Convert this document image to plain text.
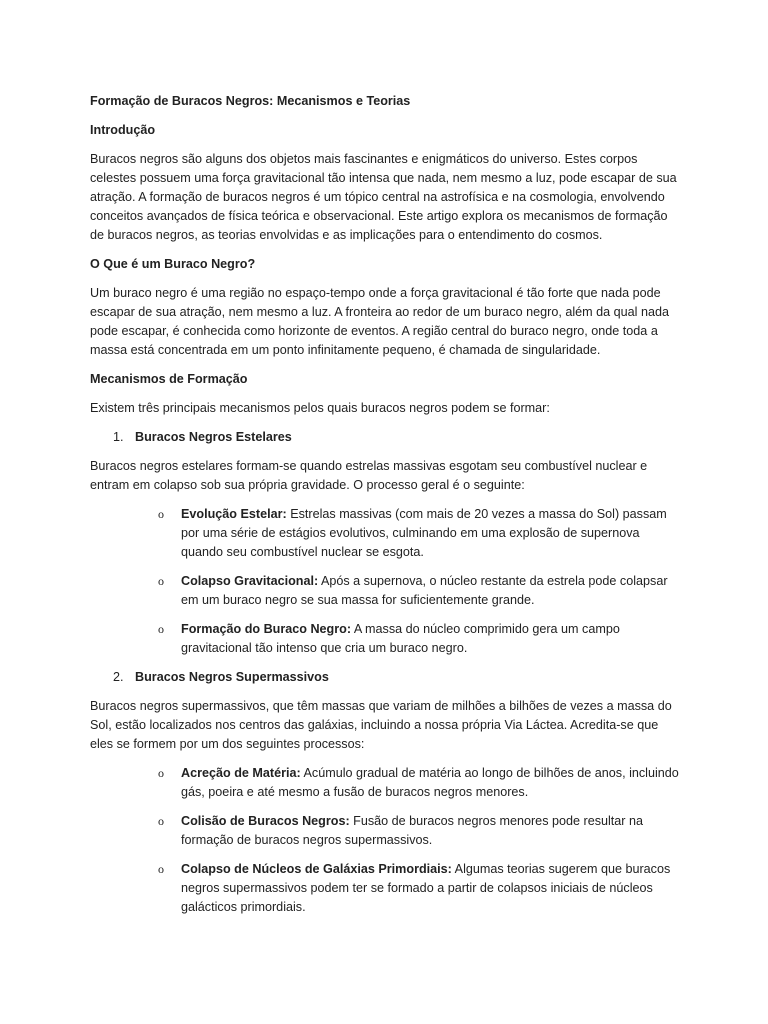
Formação de Buracos Negros: Mecanismos e Teorias

Introdução

Buracos negros são alguns dos objetos mais fascinantes e enigmáticos do universo. Estes corpos celestes possuem uma força gravitacional tão intensa que nada, nem mesmo a luz, pode escapar de sua atração. A formação de buracos negros é um tópico central na astrofísica e na cosmologia, envolvendo conceitos avançados de física teórica e observacional. Este artigo explora os mecanismos de formação de buracos negros, as teorias envolvidas e as implicações para o entendimento do cosmos.

O Que é um Buraco Negro?

Um buraco negro é uma região no espaço-tempo onde a força gravitacional é tão forte que nada pode escapar de sua atração, nem mesmo a luz. A fronteira ao redor de um buraco negro, além da qual nada pode escapar, é conhecida como horizonte de eventos. A região central do buraco negro, onde toda a massa está concentrada em um ponto infinitamente pequeno, é chamada de singularidade.

Mecanismos de Formação

Existem três principais mecanismos pelos quais buracos negros podem se formar:

1. Buracos Negros Estelares

Buracos negros estelares formam-se quando estrelas massivas esgotam seu combustível nuclear e entram em colapso sob sua própria gravidade. O processo geral é o seguinte:

o Evolução Estelar: Estrelas massivas (com mais de 20 vezes a massa do Sol) passam por uma série de estágios evolutivos, culminando em uma explosão de supernova quando seu combustível nuclear se esgota.
o Colapso Gravitacional: Após a supernova, o núcleo restante da estrela pode colapsar em um buraco negro se sua massa for suficientemente grande.
o Formação do Buraco Negro: A massa do núcleo comprimido gera um campo gravitacional tão intenso que cria um buraco negro.
2. Buracos Negros Supermassivos

Buracos negros supermassivos, que têm massas que variam de milhões a bilhões de vezes a massa do Sol, estão localizados nos centros das galáxias, incluindo a nossa própria Via Láctea. Acredita-se que eles se formem por um dos seguintes processos:

o Acreção de Matéria: Acúmulo gradual de matéria ao longo de bilhões de anos, incluindo gás, poeira e até mesmo a fusão de buracos negros menores.
o Colisão de Buracos Negros: Fusão de buracos negros menores pode resultar na formação de buracos negros supermassivos.
o Colapso de Núcleos de Galáxias Primordiais: Algumas teorias sugerem que buracos negros supermassivos podem ter se formado a partir de colapsos iniciais de núcleos galácticos primordiais.
